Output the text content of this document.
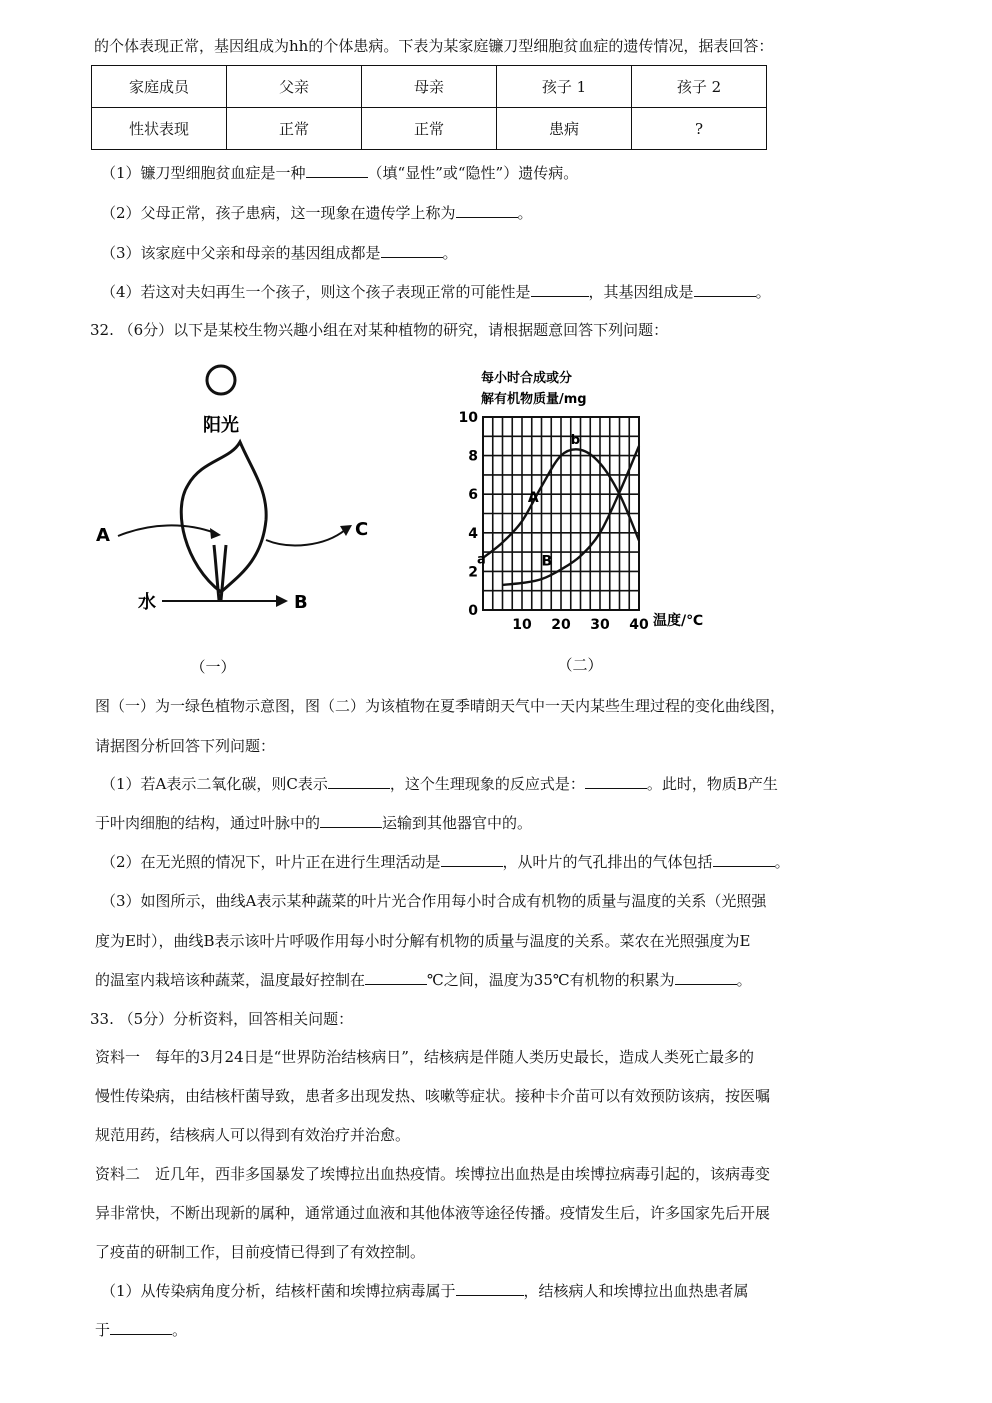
的个体表现正常，基因组成为hh的个体患病。下表为某家庭镰刀型细胞贫血症的遗传情况，据表回答：
家庭成员	父亲	母亲	孩子 1	孩子 2
性状表现	正常	正常	患病	?
（1）镰刀型细胞贫血症是一种	（填“显性”或“隐性”）遗传病。
（2）父母正常，孩子患病，这一现象在遗传学上称为	。
（3）该家庭中父亲和母亲的基因组成都是	。
（4）若这对夫妇再生一个孩子，则这个孩子表现正常的可能性是	，其基因组成是	。
32. （6分）以下是某校生物兴趣小组在对某种植物的研究，请根据题意回答下列问题：
阳光
A	C
水	B
（一）
每小时合成或分
解有机物质量/mg
0
2
4
6
8
10
10 20 30 40
A
B
a
b
温度/℃
（二）
图（一）为一绿色植物示意图，图（二）为该植物在夏季晴朗天气中一天内某些生理过程的变化曲线图，
请据图分析回答下列问题：
（1）若A表示二氧化碳，则C表示	，这个生理现象的反应式是：	。此时，物质B产生
于叶肉细胞的结构，通过叶脉中的	运输到其他器官中的。
（2）在无光照的情况下，叶片正在进行生理活动是	，从叶片的气孔排出的气体包括	。
（3）如图所示，曲线A表示某种蔬菜的叶片光合作用每小时合成有机物的质量与温度的关系（光照强
度为E时），曲线B表示该叶片呼吸作用每小时分解有机物的质量与温度的关系。菜农在光照强度为E
的温室内栽培该种蔬菜，温度最好控制在	℃之间，温度为35℃有机物的积累为	。
33. （5分）分析资料，回答相关问题：
资料一　每年的3月24日是“世界防治结核病日”，结核病是伴随人类历史最长，造成人类死亡最多的
慢性传染病，由结核杆菌导致，患者多出现发热、咳嗽等症状。接种卡介苗可以有效预防该病，按医嘱
规范用药，结核病人可以得到有效治疗并治愈。
资料二　近几年，西非多国暴发了埃博拉出血热疫情。埃博拉出血热是由埃博拉病毒引起的，该病毒变
异非常快，不断出现新的属种，通常通过血液和其他体液等途径传播。疫情发生后，许多国家先后开展
了疫苗的研制工作，目前疫情已得到了有效控制。
（1）从传染病角度分析，结核杆菌和埃博拉病毒属于	，结核病人和埃博拉出血热患者属
于	。
